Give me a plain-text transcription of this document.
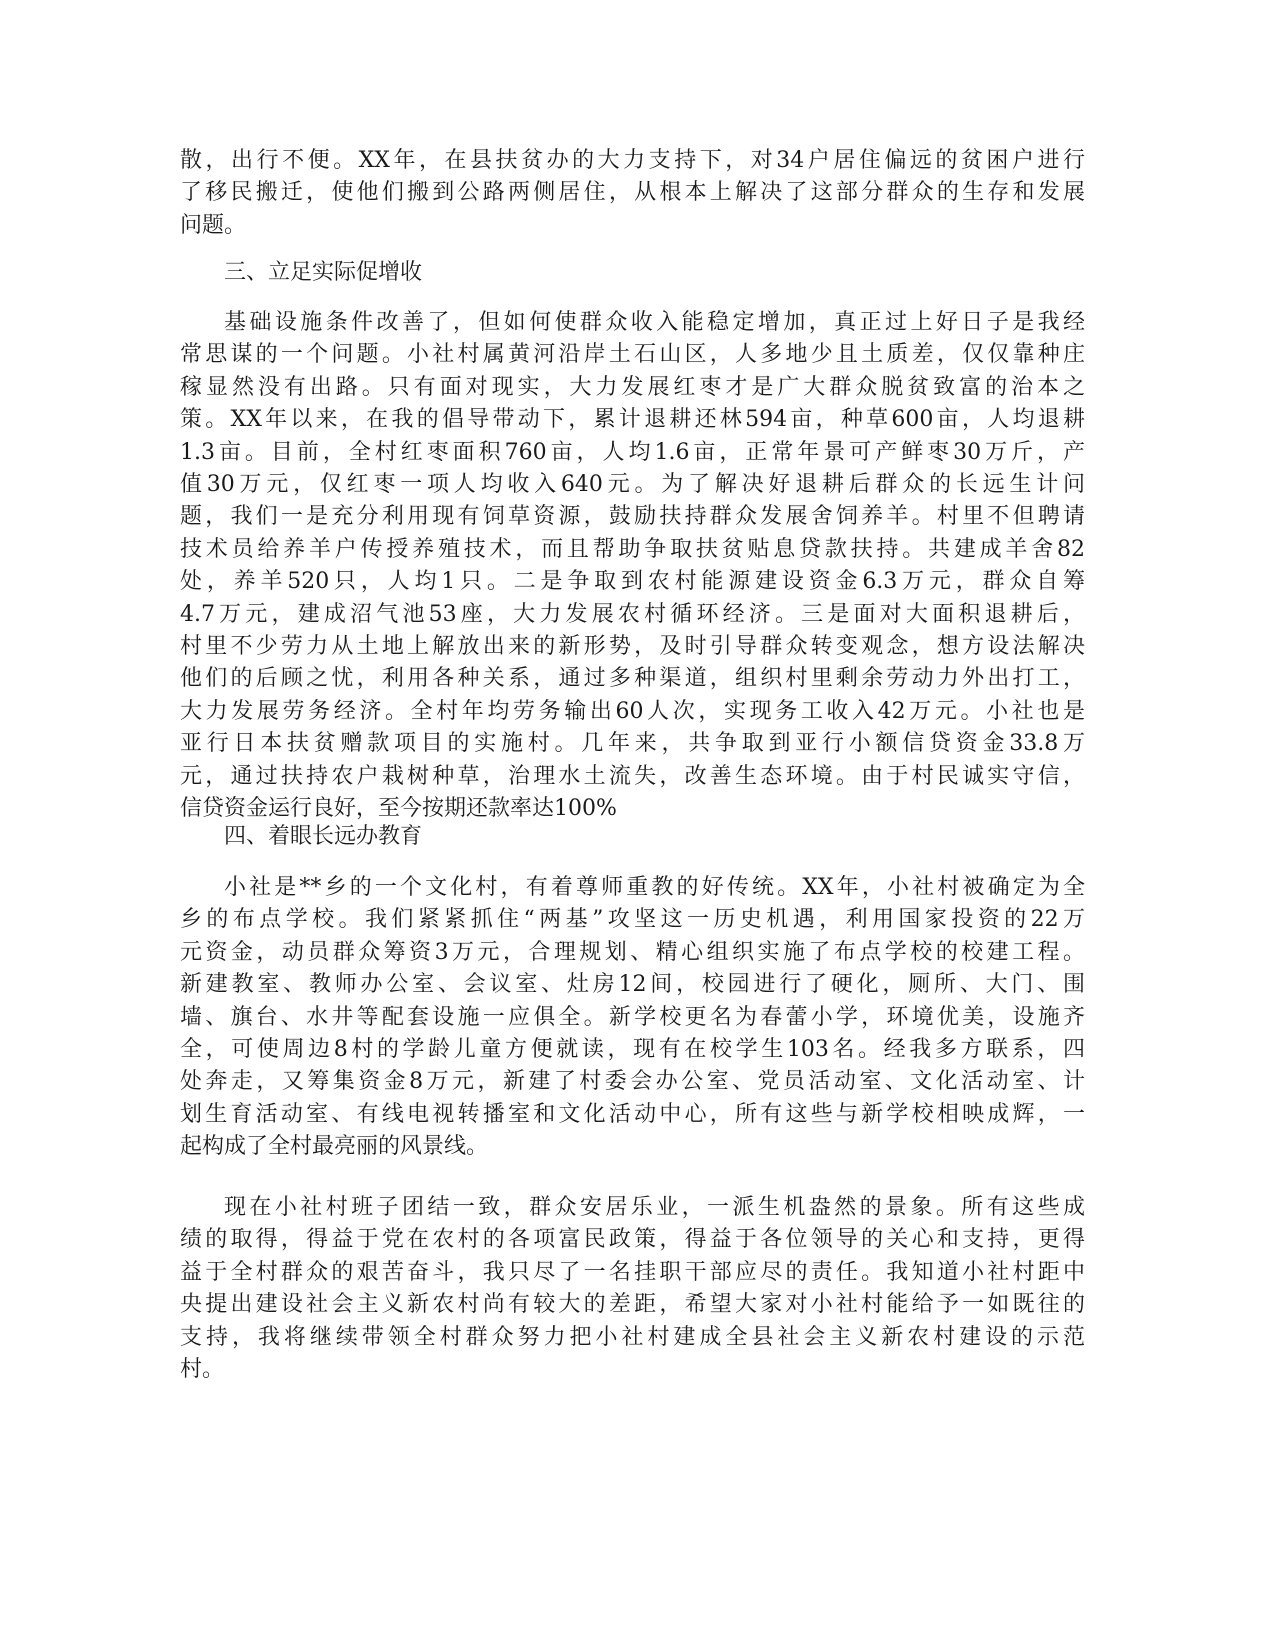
散，出行不便。XX年，在县扶贫办的大力支持下，对34户居住偏远的贫困户进行
了移民搬迁，使他们搬到公路两侧居住，从根本上解决了这部分群众的生存和发展
问题。
三、立足实际促增收
基础设施条件改善了，但如何使群众收入能稳定增加，真正过上好日子是我经
常思谋的一个问题。小社村属黄河沿岸土石山区，人多地少且土质差，仅仅靠种庄
稼显然没有出路。只有面对现实，大力发展红枣才是广大群众脱贫致富的治本之
策。XX年以来，在我的倡导带动下，累计退耕还林594亩，种草600亩，人均退耕
1.3亩。目前，全村红枣面积760亩，人均1.6亩，正常年景可产鲜枣30万斤，产
值30万元，仅红枣一项人均收入640元。为了解决好退耕后群众的长远生计问
题，我们一是充分利用现有饲草资源，鼓励扶持群众发展舍饲养羊。村里不但聘请
技术员给养羊户传授养殖技术，而且帮助争取扶贫贴息贷款扶持。共建成羊舍82
处，养羊520只，人均1只。二是争取到农村能源建设资金6.3万元，群众自筹
4.7万元，建成沼气池53座，大力发展农村循环经济。三是面对大面积退耕后，
村里不少劳力从土地上解放出来的新形势，及时引导群众转变观念，想方设法解决
他们的后顾之忧，利用各种关系，通过多种渠道，组织村里剩余劳动力外出打工，
大力发展劳务经济。全村年均劳务输出60人次，实现务工收入42万元。小社也是
亚行日本扶贫赠款项目的实施村。几年来，共争取到亚行小额信贷资金33.8万
元，通过扶持农户栽树种草，治理水土流失，改善生态环境。由于村民诚实守信，
信贷资金运行良好，至今按期还款率达100%
四、着眼长远办教育
小社是**乡的一个文化村，有着尊师重教的好传统。XX年，小社村被确定为全
乡的布点学校。我们紧紧抓住“两基”攻坚这一历史机遇，利用国家投资的22万
元资金，动员群众筹资3万元，合理规划、精心组织实施了布点学校的校建工程。
新建教室、教师办公室、会议室、灶房12间，校园进行了硬化，厕所、大门、围
墙、旗台、水井等配套设施一应俱全。新学校更名为春蕾小学，环境优美，设施齐
全，可使周边8村的学龄儿童方便就读，现有在校学生103名。经我多方联系，四
处奔走，又筹集资金8万元，新建了村委会办公室、党员活动室、文化活动室、计
划生育活动室、有线电视转播室和文化活动中心，所有这些与新学校相映成辉，一
起构成了全村最亮丽的风景线。
现在小社村班子团结一致，群众安居乐业，一派生机盎然的景象。所有这些成
绩的取得，得益于党在农村的各项富民政策，得益于各位领导的关心和支持，更得
益于全村群众的艰苦奋斗，我只尽了一名挂职干部应尽的责任。我知道小社村距中
央提出建设社会主义新农村尚有较大的差距，希望大家对小社村能给予一如既往的
支持，我将继续带领全村群众努力把小社村建成全县社会主义新农村建设的示范
村。
